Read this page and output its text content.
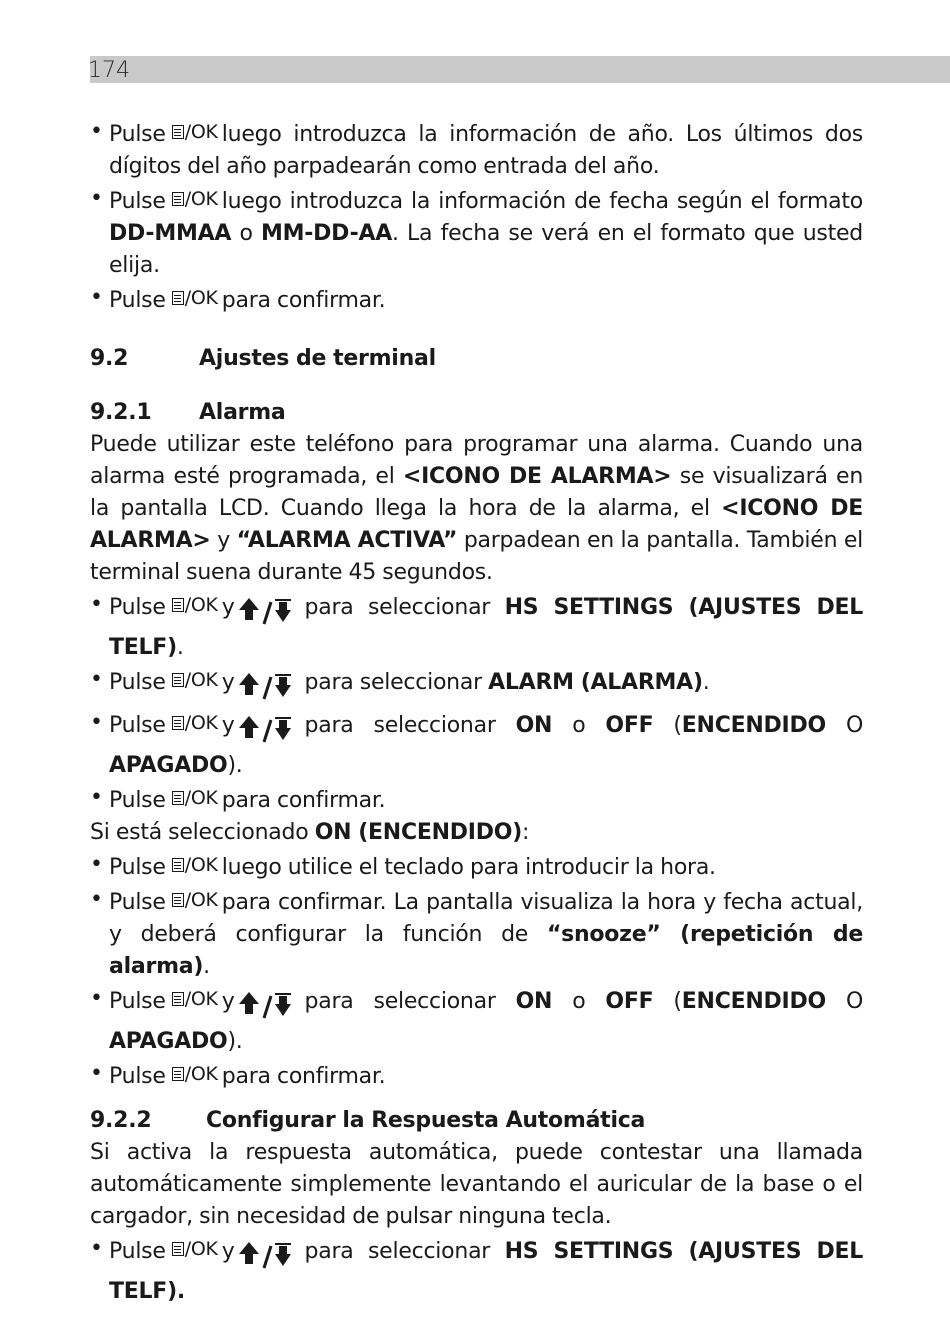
174

• Pulse /OK luego introduzca la información de año. Los últimos dos dígitos del año parpadearán como entrada del año.

• Pulse /OK luego introduzca la información de fecha según el formato DD-MMAA o MM-DD-AA. La fecha se verá en el formato que usted elija.

• Pulse /OK para confirmar.

9.2	Ajustes de terminal
9.2.1	Alarma

Puede utilizar este teléfono para programar una alarma. Cuando una alarma esté programada, el <ICONO DE ALARMA> se visualizará en la pantalla LCD. Cuando llega la hora de la alarma, el <ICONO DE ALARMA> y “ALARMA ACTIVA” parpadean en la pantalla. También el terminal suena durante 45 segundos.

• Pulse /OK y	para seleccionar HS SETTINGS (AJUSTES DEL TELF).

• Pulse /OK y	para seleccionar ALARM (ALARMA).

• Pulse /OK y	para seleccionar ON o OFF (ENCENDIDO O APAGADO).

• Pulse /OK para confirmar.

Si está seleccionado ON (ENCENDIDO):

• Pulse /OK luego utilice el teclado para introducir la hora.

• Pulse /OK para confirmar. La pantalla visualiza la hora y fecha actual, y deberá configurar la función de “snooze” (repetición de alarma).

• Pulse /OK y	para seleccionar ON o OFF (ENCENDIDO O APAGADO).

• Pulse /OK para confirmar.

9.2.2	Configurar la Respuesta Automática

Si activa la respuesta automática, puede contestar una llamada automáticamente simplemente levantando el auricular de la base o el cargador, sin necesidad de pulsar ninguna tecla.

• Pulse /OK y	para seleccionar HS SETTINGS (AJUSTES DEL TELF).
